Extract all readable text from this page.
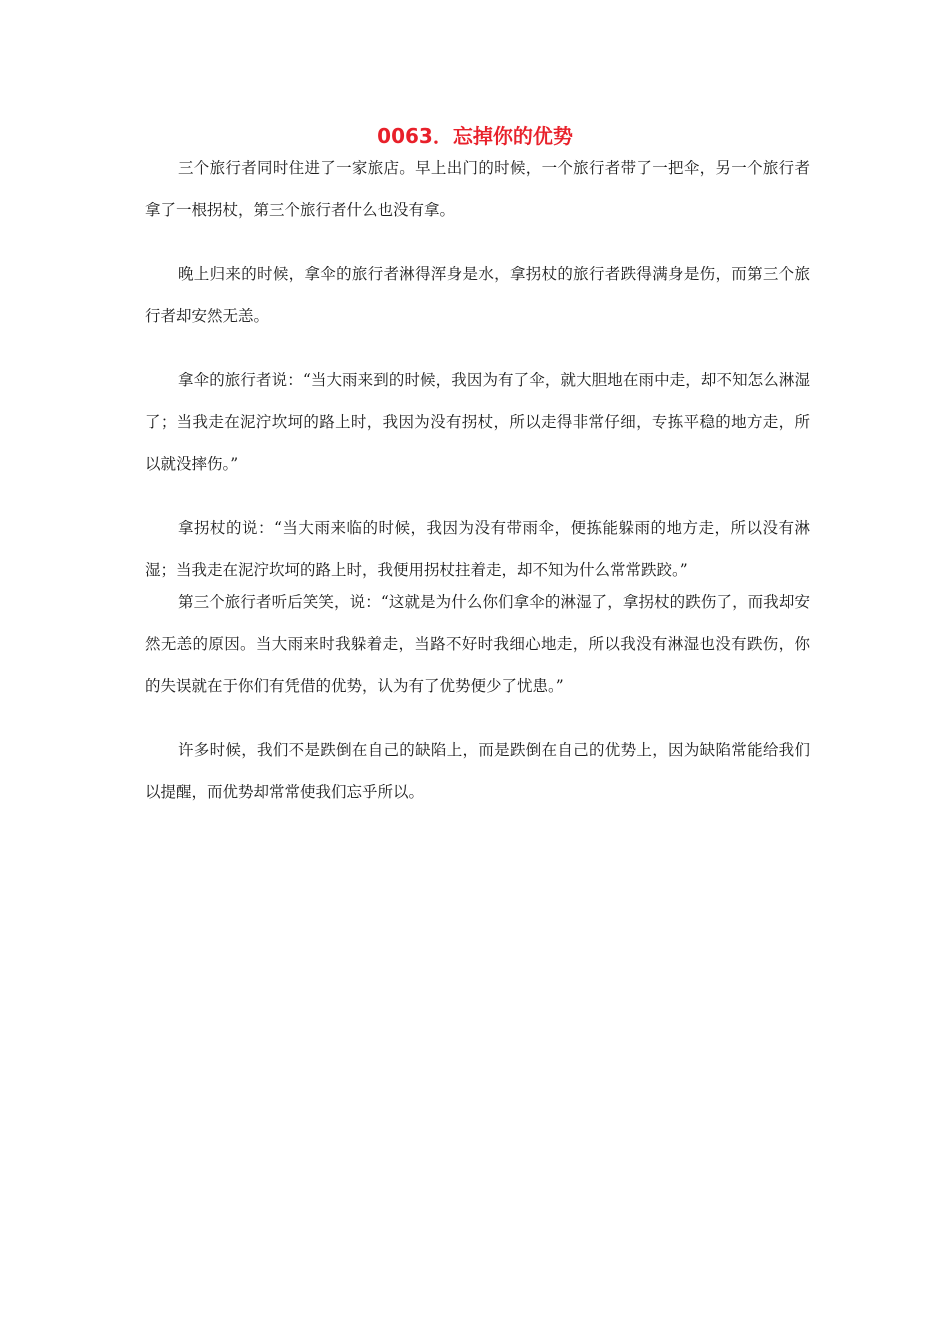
0063．忘掉你的优势

三个旅行者同时住进了一家旅店。早上出门的时候，一个旅行者带了一把伞，另一个旅行者拿了一根拐杖，第三个旅行者什么也没有拿。

晚上归来的时候，拿伞的旅行者淋得浑身是水，拿拐杖的旅行者跌得满身是伤，而第三个旅行者却安然无恙。

拿伞的旅行者说：“当大雨来到的时候，我因为有了伞，就大胆地在雨中走，却不知怎么淋湿了；当我走在泥泞坎坷的路上时，我因为没有拐杖，所以走得非常仔细，专拣平稳的地方走，所以就没摔伤。”

拿拐杖的说：“当大雨来临的时候，我因为没有带雨伞，便拣能躲雨的地方走，所以没有淋湿；当我走在泥泞坎坷的路上时，我便用拐杖拄着走，却不知为什么常常跌跤。”

第三个旅行者听后笑笑，说：“这就是为什么你们拿伞的淋湿了，拿拐杖的跌伤了，而我却安然无恙的原因。当大雨来时我躲着走，当路不好时我细心地走，所以我没有淋湿也没有跌伤，你的失误就在于你们有凭借的优势，认为有了优势便少了忧患。”

许多时候，我们不是跌倒在自己的缺陷上，而是跌倒在自己的优势上，因为缺陷常能给我们以提醒，而优势却常常使我们忘乎所以。
